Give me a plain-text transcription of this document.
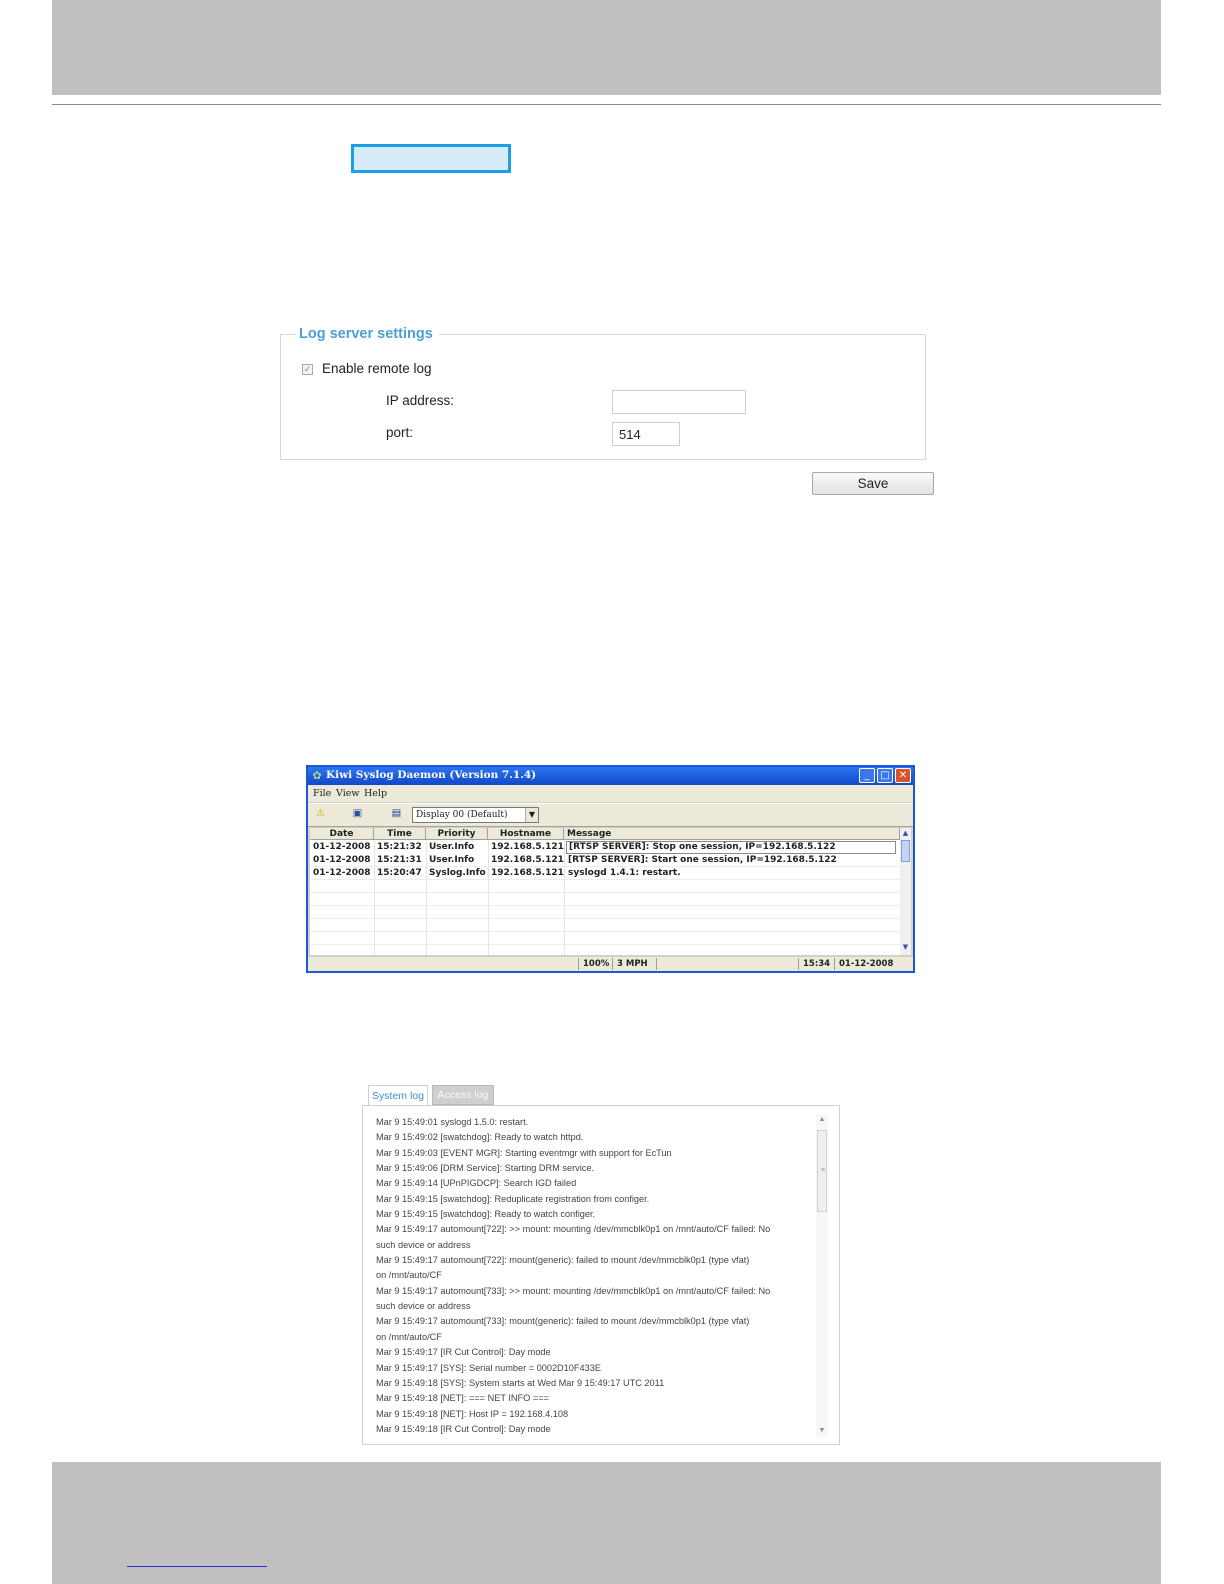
Log server settings
✓ Enable remote log
IP address:
port:	514
Save
✿ Kiwi Syslog Daemon (Version 7.1.4)	_	□ ✕
File View Help
⚠	▣	▤	Display 00 (Default)	▼
Date	Time	Priority	Hostname	Message
01-12-2008 15:21:32 User.Info 192.168.5.121 [RTSP SERVER]: Stop one session, IP=192.168.5.122
01-12-2008 15:21:31 User.Info 192.168.5.121 [RTSP SERVER]: Start one session, IP=192.168.5.122
01-12-2008 15:20:47 Syslog.Info 192.168.5.121 syslogd 1.4.1: restart.
▲
▼
100% 3 MPH	15:34	01-12-2008
System log	Access log
Mar 9 15:49:01 syslogd 1.5.0: restart.
Mar 9 15:49:02 [swatchdog]: Ready to watch httpd.
Mar 9 15:49:03 [EVENT MGR]: Starting eventmgr with support for EcTun
Mar 9 15:49:06 [DRM Service]: Starting DRM service.
Mar 9 15:49:14 [UPnPIGDCP]: Search IGD failed
Mar 9 15:49:15 [swatchdog]: Reduplicate registration from configer.
Mar 9 15:49:15 [swatchdog]: Ready to watch configer.
Mar 9 15:49:17 automount[722]: >> mount: mounting /dev/mmcblk0p1 on /mnt/auto/CF failed: No
such device or address
Mar 9 15:49:17 automount[722]: mount(generic): failed to mount /dev/mmcblk0p1 (type vfat)
on /mnt/auto/CF
Mar 9 15:49:17 automount[733]: >> mount: mounting /dev/mmcblk0p1 on /mnt/auto/CF failed: No
such device or address
Mar 9 15:49:17 automount[733]: mount(generic): failed to mount /dev/mmcblk0p1 (type vfat)
on /mnt/auto/CF
Mar 9 15:49:17 [IR Cut Control]: Day mode
Mar 9 15:49:17 [SYS]: Serial number = 0002D10F433E
Mar 9 15:49:18 [SYS]: System starts at Wed Mar 9 15:49:17 UTC 2011
Mar 9 15:49:18 [NET]: === NET INFO ===
Mar 9 15:49:18 [NET]: Host IP = 192.168.4.108
Mar 9 15:49:18 [IR Cut Control]: Day mode
▲
≡
▼
